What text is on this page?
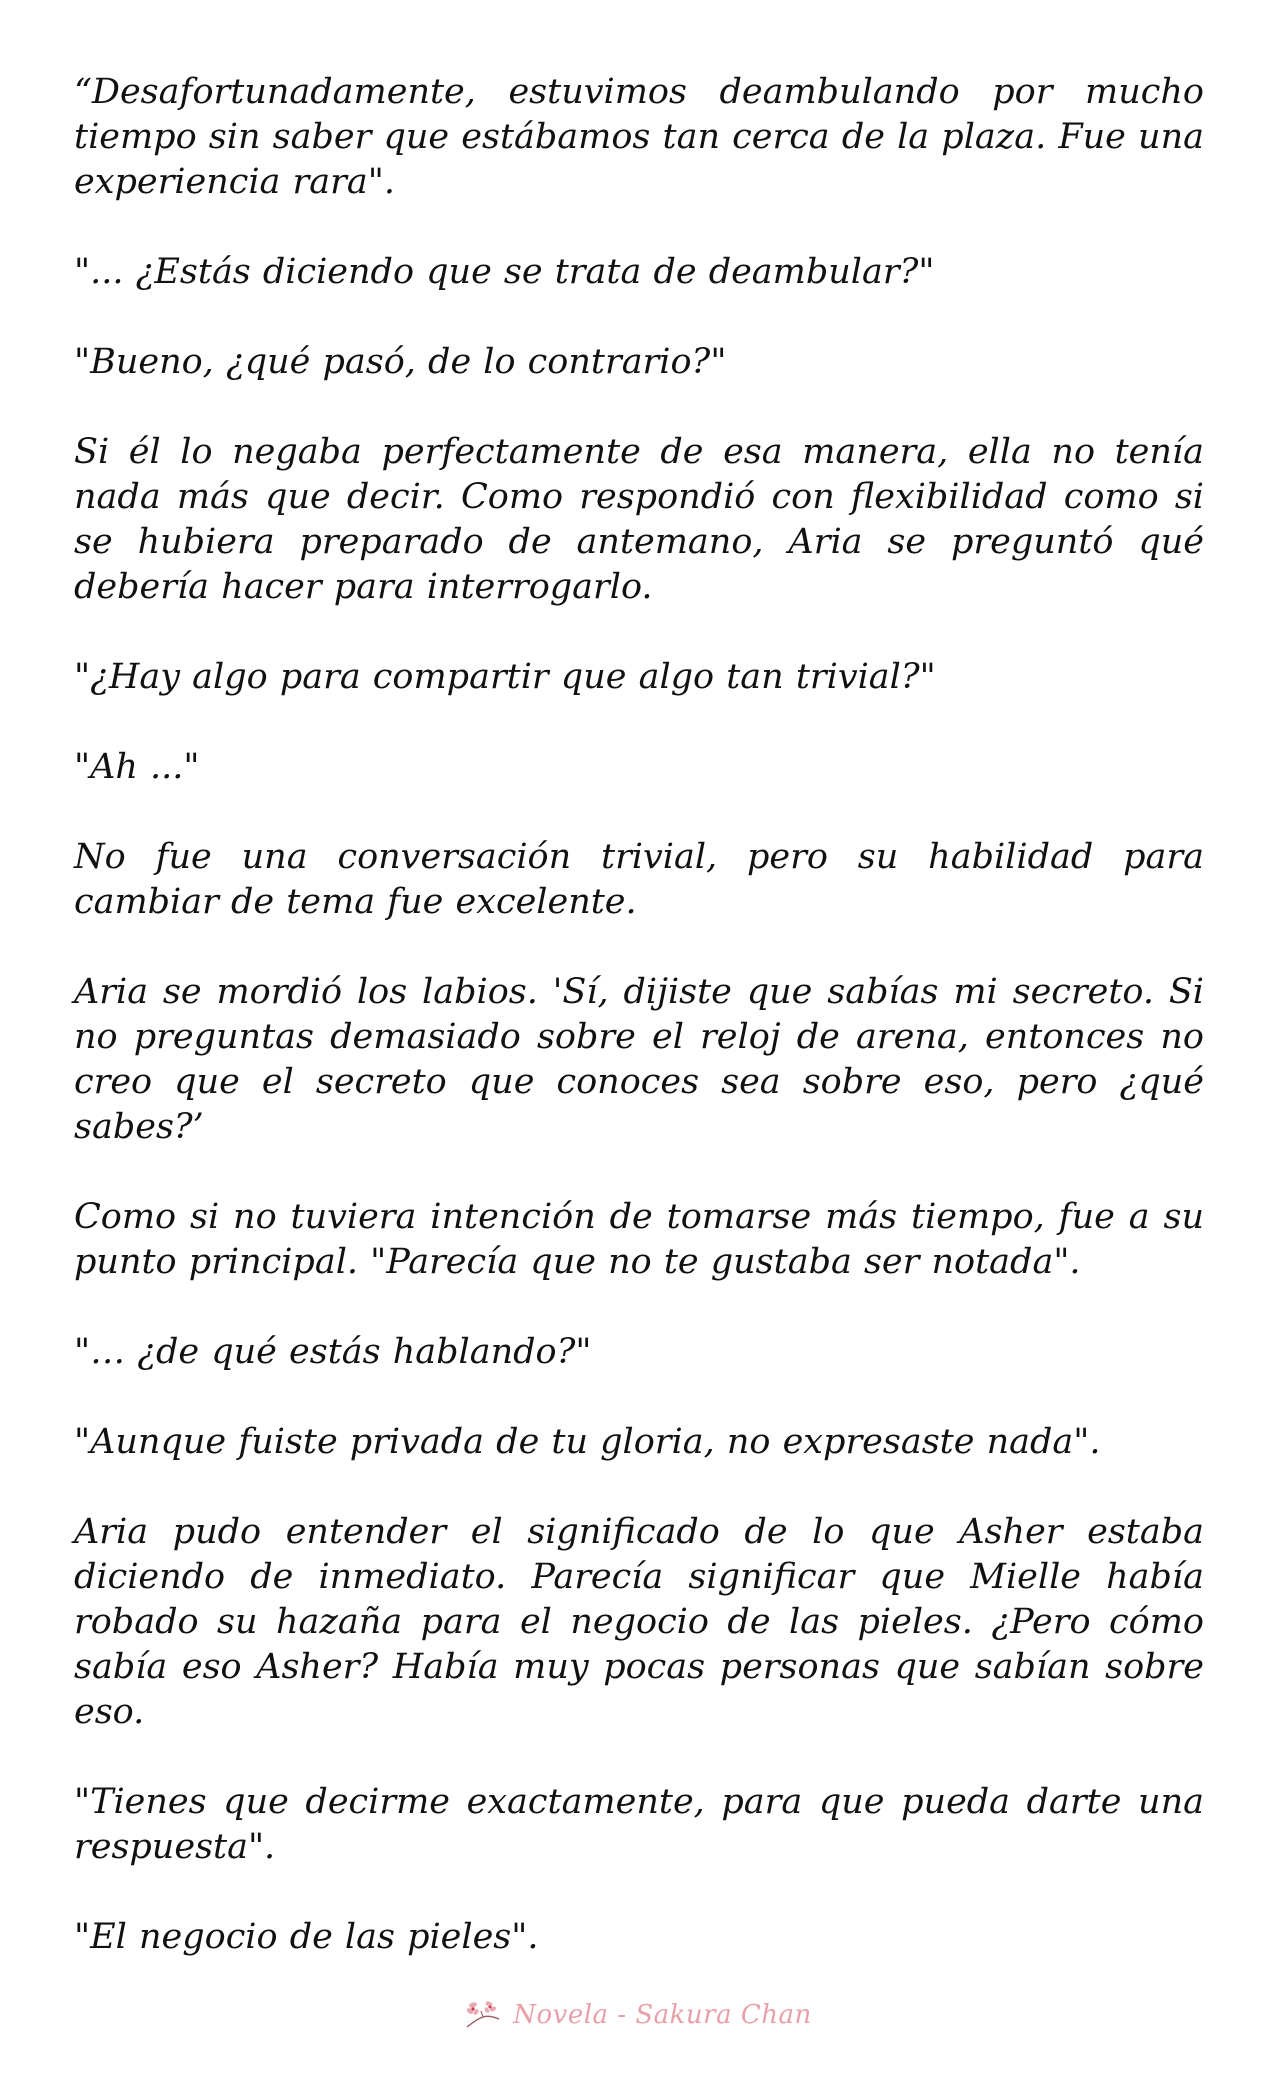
“Desafortunadamente, estuvimos deambulando por mucho tiempo sin saber que estábamos tan cerca de la plaza. Fue una experiencia rara".

"... ¿Estás diciendo que se trata de deambular?"

"Bueno, ¿qué pasó, de lo contrario?"

Si él lo negaba perfectamente de esa manera, ella no tenía nada más que decir. Como respondió con flexibilidad como si se hubiera preparado de antemano, Aria se preguntó qué debería hacer para interrogarlo.

"¿Hay algo para compartir que algo tan trivial?"

"Ah ..."

No fue una conversación trivial, pero su habilidad para cambiar de tema fue excelente.

Aria se mordió los labios. 'Sí, dijiste que sabías mi secreto. Si no preguntas demasiado sobre el reloj de arena, entonces no creo que el secreto que conoces sea sobre eso, pero ¿qué sabes?’

Como si no tuviera intención de tomarse más tiempo, fue a su punto principal. "Parecía que no te gustaba ser notada".

"… ¿de qué estás hablando?"

"Aunque fuiste privada de tu gloria, no expresaste nada".

Aria pudo entender el significado de lo que Asher estaba diciendo de inmediato. Parecía significar que Mielle había robado su hazaña para el negocio de las pieles. ¿Pero cómo sabía eso Asher? Había muy pocas personas que sabían sobre eso.

"Tienes que decirme exactamente, para que pueda darte una respuesta".

"El negocio de las pieles".

Novela - Sakura Chan
